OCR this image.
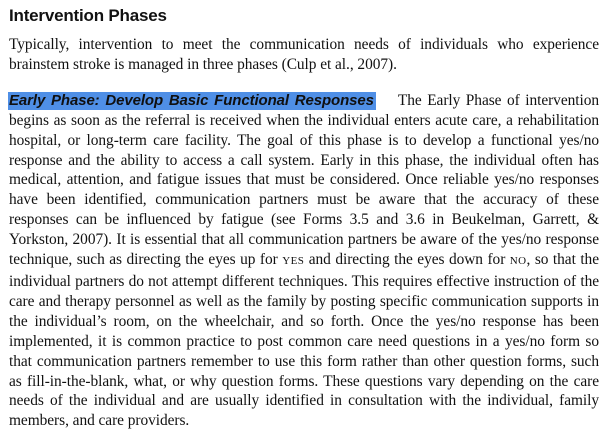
Intervention Phases

Typically, intervention to meet the communication needs of individuals who experience brainstem stroke is managed in three phases (Culp et al., 2007).

Early Phase: Develop Basic Functional Responses The Early Phase of intervention begins as soon as the referral is received when the individual enters acute care, a rehabilitation hospital, or long-term care facility. The goal of this phase is to develop a functional yes/no response and the ability to access a call system. Early in this phase, the individual often has medical, attention, and fatigue issues that must be considered. Once reliable yes/no responses have been identified, communication partners must be aware that the accuracy of these responses can be influenced by fatigue (see Forms 3.5 and 3.6 in Beukelman, Garrett, & Yorkston, 2007). It is essential that all communication partners be aware of the yes/no response technique, such as directing the eyes up for YES and directing the eyes down for NO, so that the individual partners do not attempt different techniques. This requires effective instruction of the care and therapy personnel as well as the family by posting specific communication supports in the individual’s room, on the wheelchair, and so forth. Once the yes/no response has been implemented, it is common practice to post common care need questions in a yes/no form so that communication partners remember to use this form rather than other question forms, such as fill-in-the-blank, what, or why question forms. These questions vary depending on the care needs of the individual and are usually identified in consultation with the individual, family members, and care providers.
